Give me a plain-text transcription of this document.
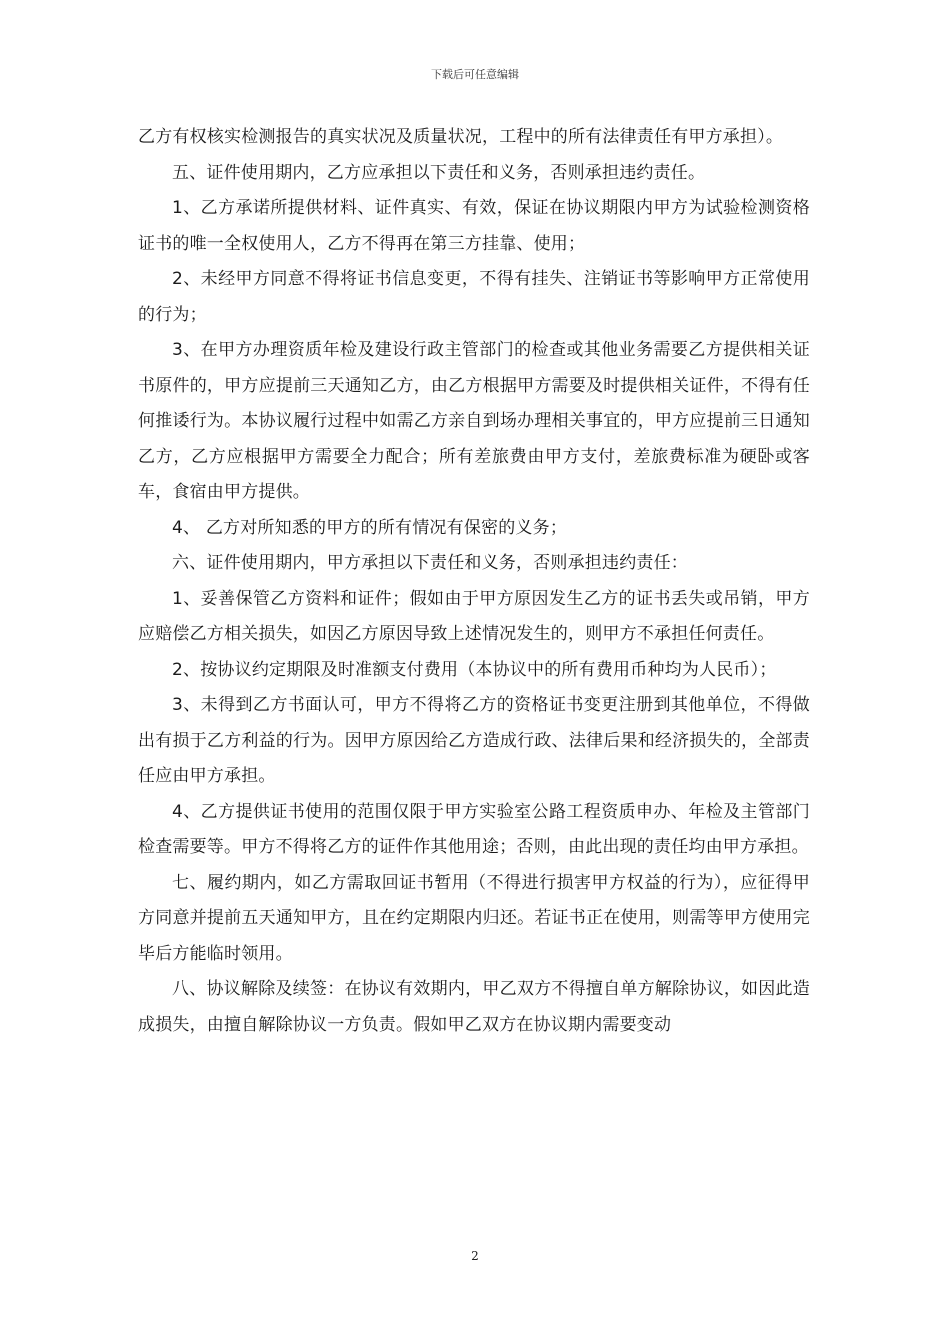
下载后可任意编辑

乙方有权核实检测报告的真实状况及质量状况，工程中的所有法律责任有甲方承担）。

五、证件使用期内，乙方应承担以下责任和义务，否则承担违约责任。

1、乙方承诺所提供材料、证件真实、有效，保证在协议期限内甲方为试验检测资格证书的唯一全权使用人，乙方不得再在第三方挂靠、使用；

2、未经甲方同意不得将证书信息变更，不得有挂失、注销证书等影响甲方正常使用的行为；

3、在甲方办理资质年检及建设行政主管部门的检查或其他业务需要乙方提供相关证书原件的，甲方应提前三天通知乙方，由乙方根据甲方需要及时提供相关证件，不得有任何推诿行为。本协议履行过程中如需乙方亲自到场办理相关事宜的，甲方应提前三日通知乙方，乙方应根据甲方需要全力配合；所有差旅费由甲方支付，差旅费标准为硬卧或客车，食宿由甲方提供。

4、 乙方对所知悉的甲方的所有情况有保密的义务；

六、证件使用期内，甲方承担以下责任和义务，否则承担违约责任：

1、妥善保管乙方资料和证件；假如由于甲方原因发生乙方的证书丢失或吊销，甲方应赔偿乙方相关损失，如因乙方原因导致上述情况发生的，则甲方不承担任何责任。

2、按协议约定期限及时准额支付费用（本协议中的所有费用币种均为人民币）；

3、未得到乙方书面认可，甲方不得将乙方的资格证书变更注册到其他单位，不得做出有损于乙方利益的行为。因甲方原因给乙方造成行政、法律后果和经济损失的，全部责任应由甲方承担。

4、乙方提供证书使用的范围仅限于甲方实验室公路工程资质申办、年检及主管部门检查需要等。甲方不得将乙方的证件作其他用途；否则，由此出现的责任均由甲方承担。

七、履约期内，如乙方需取回证书暂用（不得进行损害甲方权益的行为），应征得甲方同意并提前五天通知甲方，且在约定期限内归还。若证书正在使用，则需等甲方使用完毕后方能临时领用。

八、协议解除及续签：在协议有效期内，甲乙双方不得擅自单方解除协议，如因此造成损失，由擅自解除协议一方负责。假如甲乙双方在协议期内需要变动

2
